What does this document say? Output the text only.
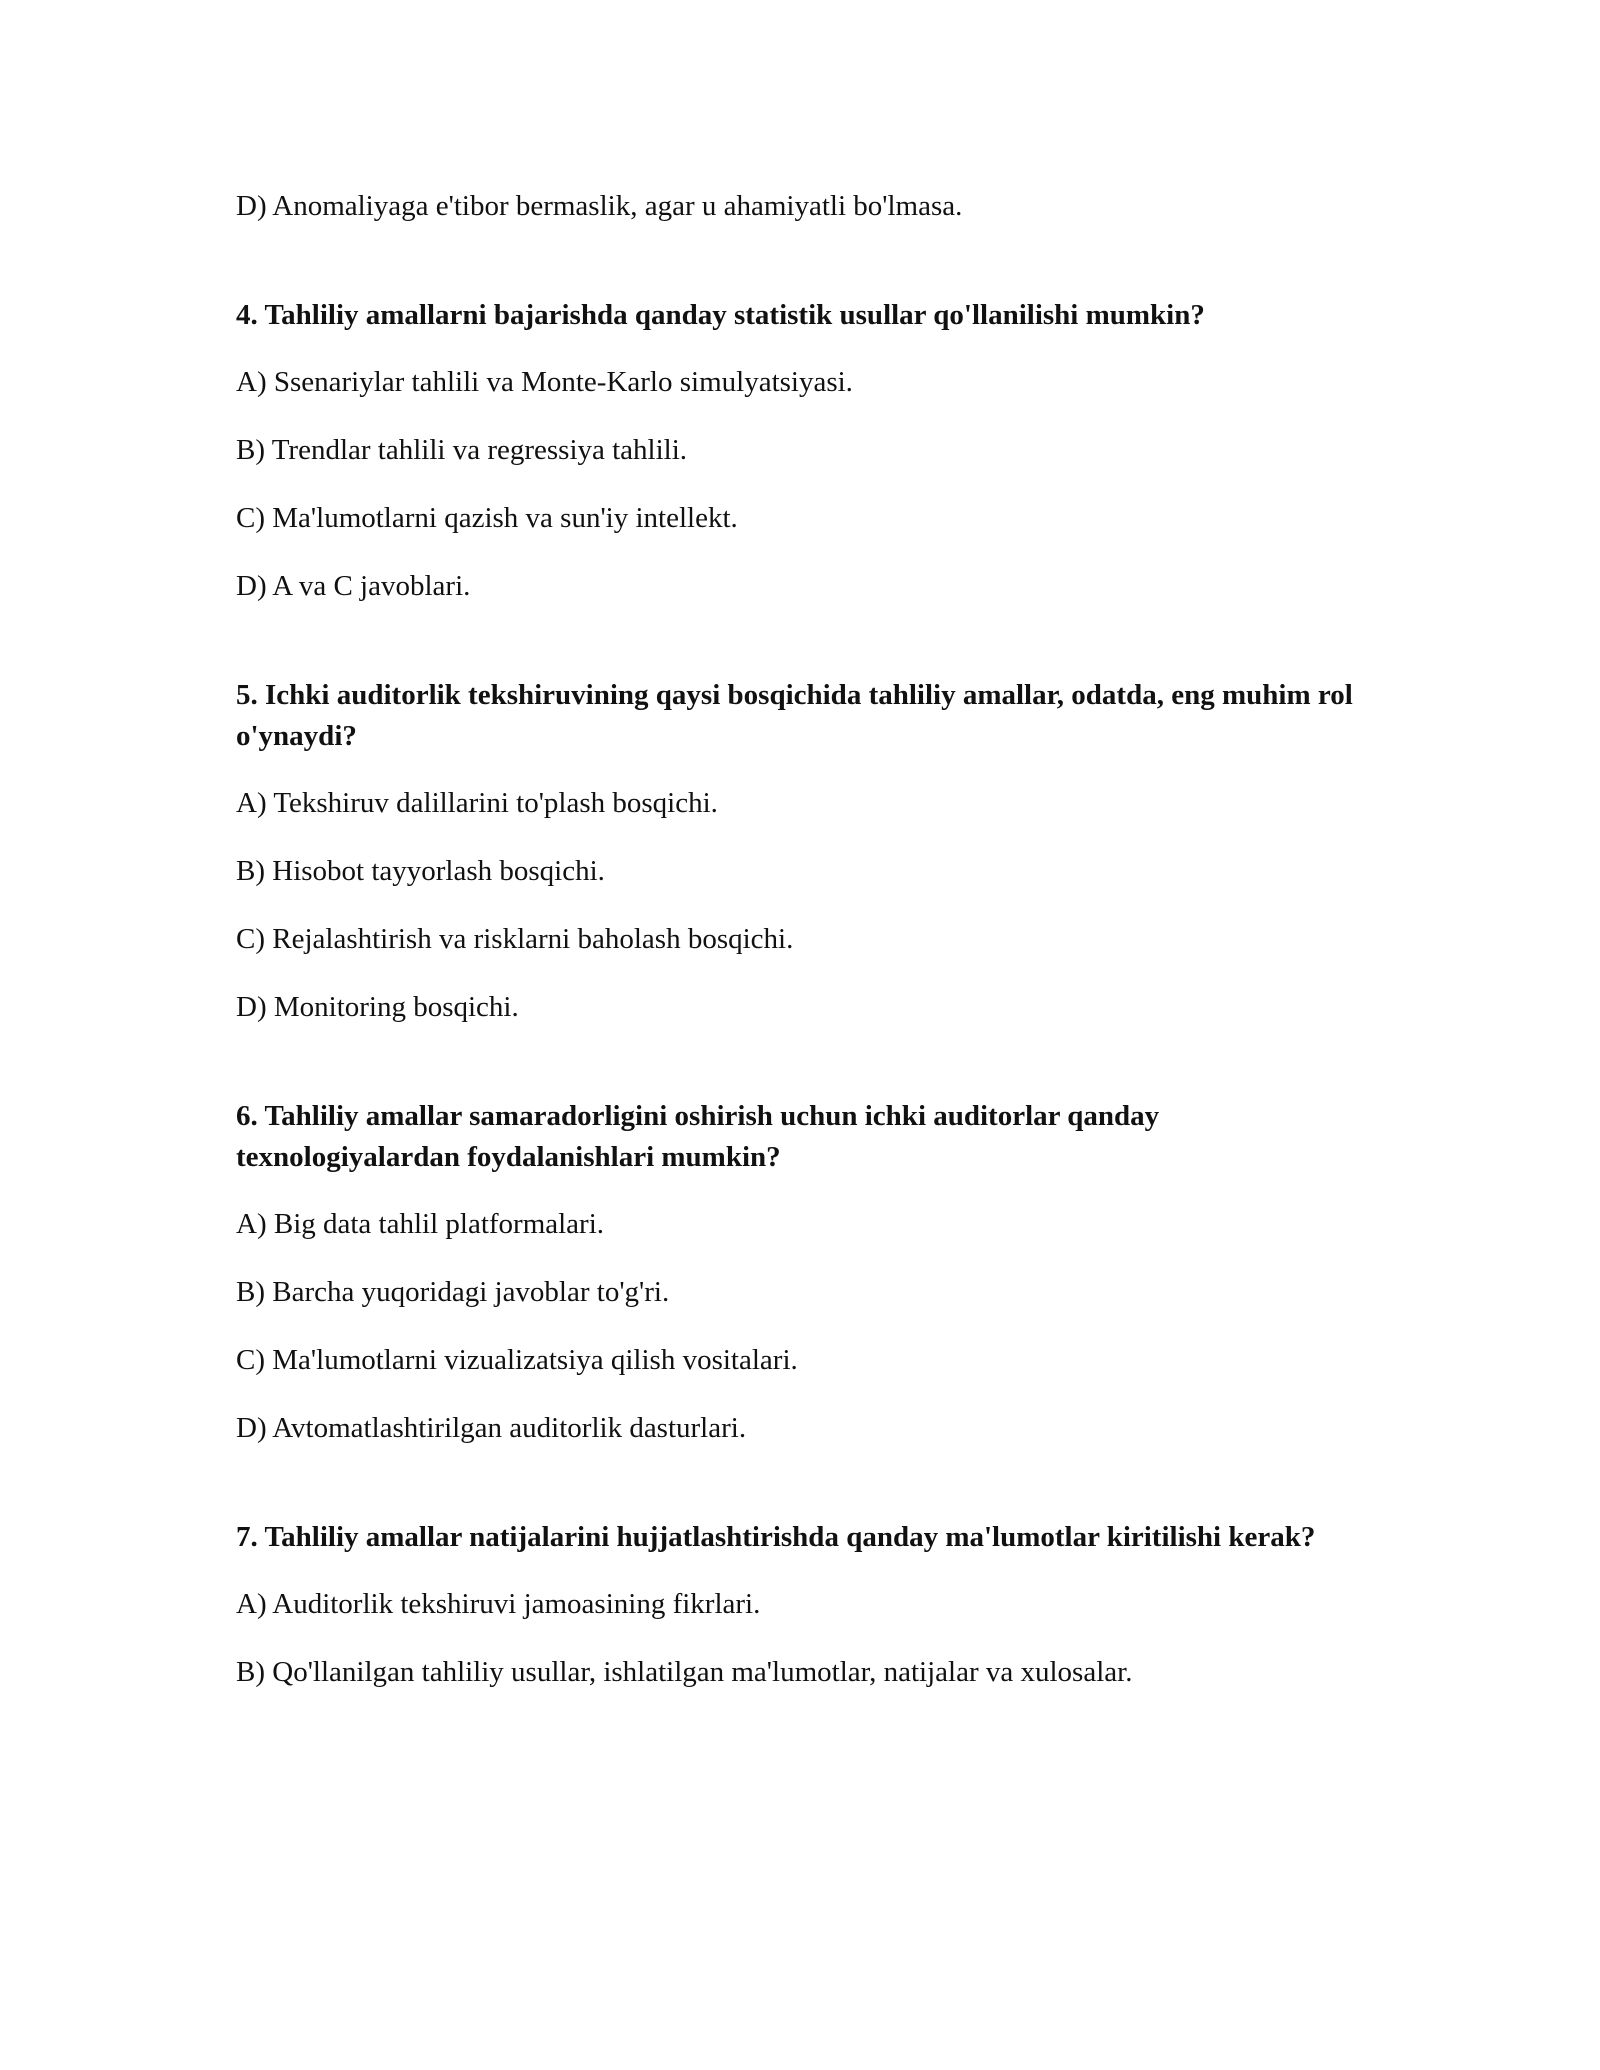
D) Anomaliyaga e'tibor bermaslik, agar u ahamiyatli bo'lmasa.

4. Tahliliy amallarni bajarishda qanday statistik usullar qo'llanilishi mumkin?

A) Ssenariylar tahlili va Monte-Karlo simulyatsiyasi.

B) Trendlar tahlili va regressiya tahlili.

C) Ma'lumotlarni qazish va sun'iy intellekt.

D) A va C javoblari.

5. Ichki auditorlik tekshiruvining qaysi bosqichida tahliliy amallar, odatda, eng muhim rol o'ynaydi?

A) Tekshiruv dalillarini to'plash bosqichi.

B) Hisobot tayyorlash bosqichi.

C) Rejalashtirish va risklarni baholash bosqichi.

D) Monitoring bosqichi.

6. Tahliliy amallar samaradorligini oshirish uchun ichki auditorlar qanday texnologiyalardan foydalanishlari mumkin?

A) Big data tahlil platformalari.

B) Barcha yuqoridagi javoblar to'g'ri.

C) Ma'lumotlarni vizualizatsiya qilish vositalari.

D) Avtomatlashtirilgan auditorlik dasturlari.

7. Tahliliy amallar natijalarini hujjatlashtirishda qanday ma'lumotlar kiritilishi kerak?

A) Auditorlik tekshiruvi jamoasining fikrlari.

B) Qo'llanilgan tahliliy usullar, ishlatilgan ma'lumotlar, natijalar va xulosalar.
